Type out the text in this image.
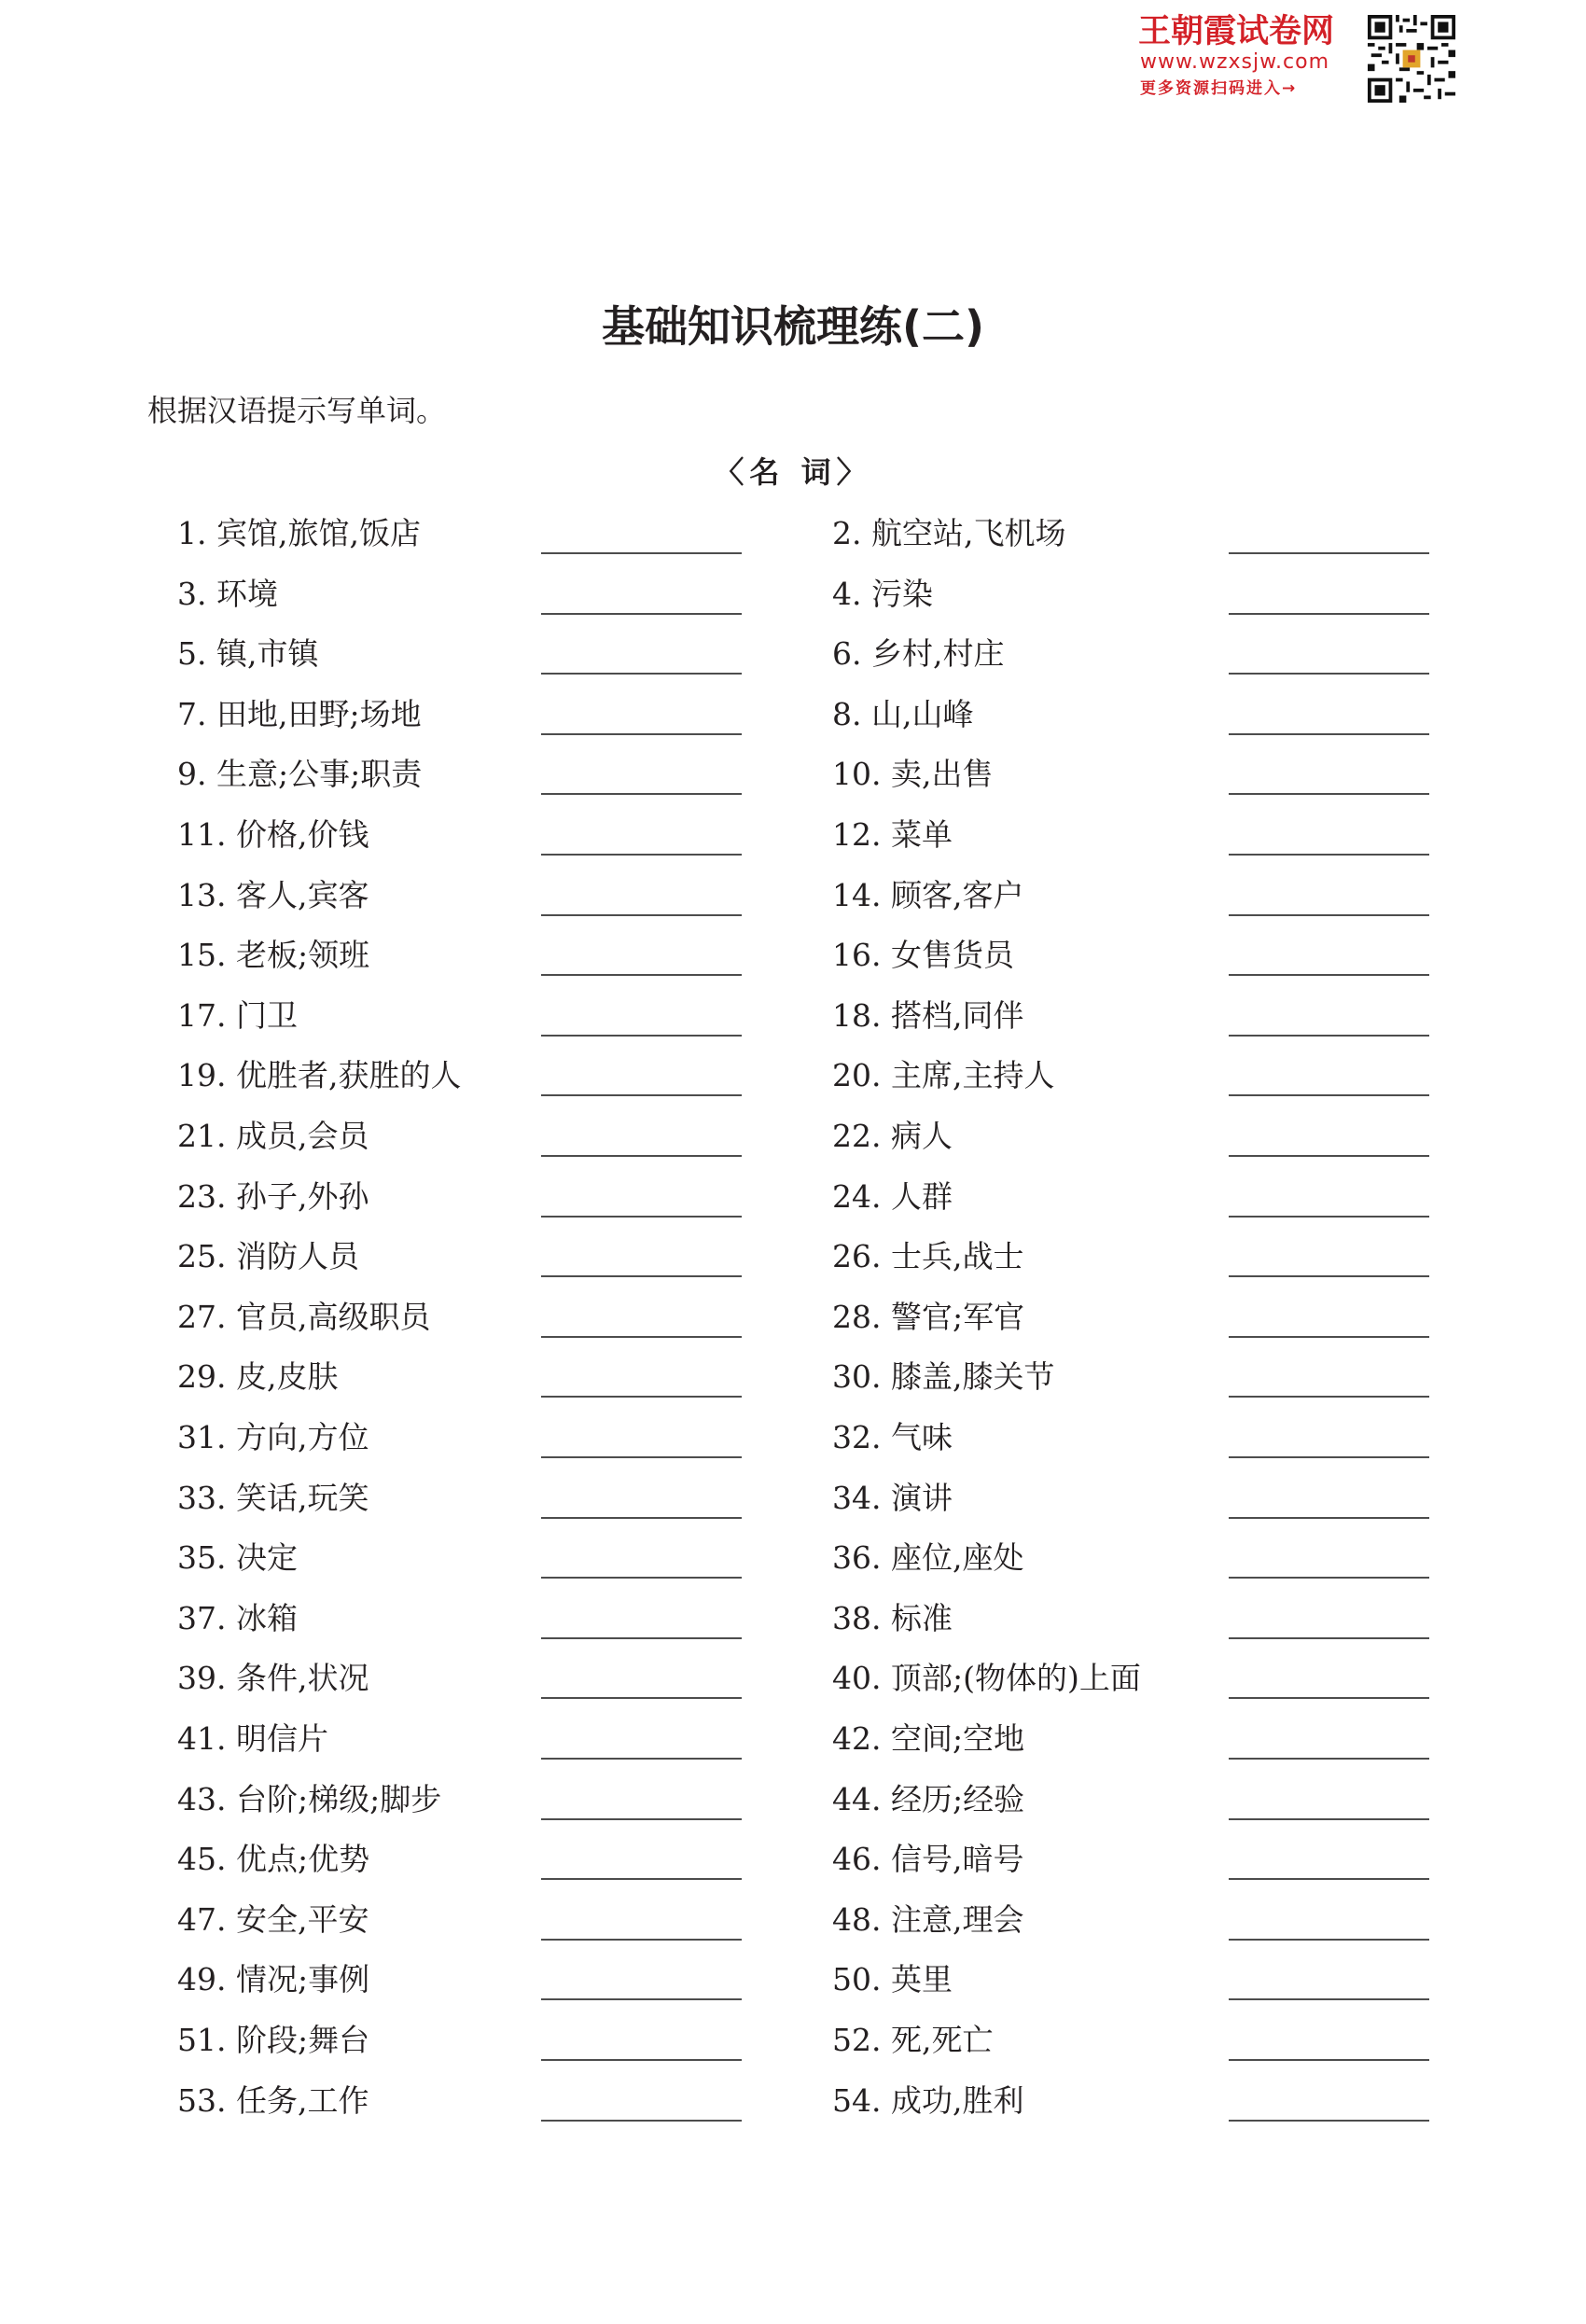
王朝霞试卷网
www.wzxsjw.com
更多资源扫码进入→
基础知识梳理练(二)
根据汉语提示写单词。
〈名 词〉
1. 宾馆,旅馆,饭店	2. 航空站,飞机场
3. 环境	4. 污染
5. 镇,市镇	6. 乡村,村庄
7. 田地,田野;场地	8. 山,山峰
9. 生意;公事;职责	10. 卖,出售
11. 价格,价钱	12. 菜单
13. 客人,宾客	14. 顾客,客户
15. 老板;领班	16. 女售货员
17. 门卫	18. 搭档,同伴
19. 优胜者,获胜的人	20. 主席,主持人
21. 成员,会员	22. 病人
23. 孙子,外孙	24. 人群
25. 消防人员	26. 士兵,战士
27. 官员,高级职员	28. 警官;军官
29. 皮,皮肤	30. 膝盖,膝关节
31. 方向,方位	32. 气味
33. 笑话,玩笑	34. 演讲
35. 决定	36. 座位,座处
37. 冰箱	38. 标准
39. 条件,状况	40. 顶部;(物体的)上面
41. 明信片	42. 空间;空地
43. 台阶;梯级;脚步	44. 经历;经验
45. 优点;优势	46. 信号,暗号
47. 安全,平安	48. 注意,理会
49. 情况;事例	50. 英里
51. 阶段;舞台	52. 死,死亡
53. 任务,工作	54. 成功,胜利
